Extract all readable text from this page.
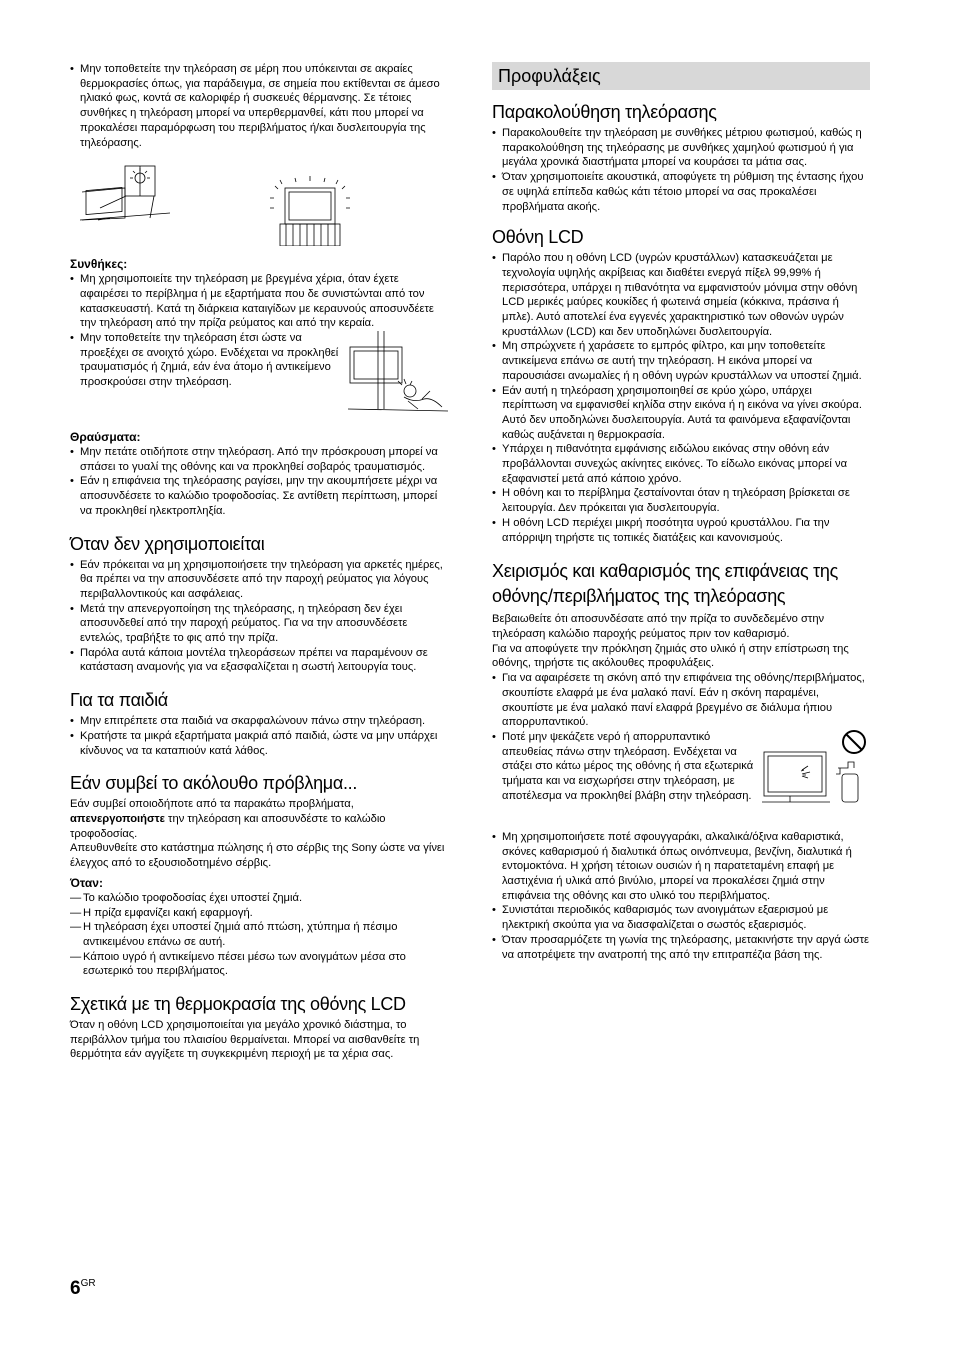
• Μην τοποθετείτε την τηλεόραση σε μέρη που υπόκεινται σε ακραίες θερμοκρασίες όπως, για παράδειγμα, σε σημεία που εκτίθενται σε άμεσο ηλιακό φως, κοντά σε καλοριφέρ ή συσκευές θέρμανσης. Σε τέτοιες συνθήκες η τηλεόραση μπορεί να υπερθερμανθεί, κάτι που μπορεί να προκαλέσει παραμόρφωση του περιβλήματος ή/και δυσλειτουργία της τηλεόρασης.
Συνθήκες:
• Μη χρησιμοποιείτε την τηλεόραση με βρεγμένα χέρια, όταν έχετε αφαιρέσει το περίβλημα ή με εξαρτήματα που δε συνιστώνται από τον κατασκευαστή. Κατά τη διάρκεια καταιγίδων με κεραυνούς αποσυνδέετε την τηλεόραση από την πρίζα ρεύματος και από την κεραία.
• Μην τοποθετείτε την τηλεόραση έτσι ώστε να προεξέχει σε ανοιχτό χώρο. Ενδέχεται να προκληθεί τραυματισμός ή ζημιά, εάν ένα άτομο ή αντικείμενο προσκρούσει στην τηλεόραση.
Θραύσματα:
• Μην πετάτε οτιδήποτε στην τηλεόραση. Από την πρόσκρουση μπορεί να σπάσει το γυαλί της οθόνης και να προκληθεί σοβαρός τραυματισμός.
• Εάν η επιφάνεια της τηλεόρασης ραγίσει, μην την ακουμπήσετε μέχρι να αποσυνδέσετε το καλώδιο τροφοδοσίας. Σε αντίθετη περίπτωση, μπορεί να προκληθεί ηλεκτροπληξία.
Όταν δεν χρησιμοποιείται
• Εάν πρόκειται να μη χρησιμοποιήσετε την τηλεόραση για αρκετές ημέρες, θα πρέπει να την αποσυνδέσετε από την παροχή ρεύματος για λόγους περιβαλλοντικούς και ασφάλειας.
• Μετά την απενεργοποίηση της τηλεόρασης, η τηλεόραση δεν έχει αποσυνδεθεί από την παροχή ρεύματος. Για να την αποσυνδέσετε εντελώς, τραβήξτε το φις από την πρίζα.
• Παρόλα αυτά κάποια μοντέλα τηλεοράσεων πρέπει να παραμένουν σε κατάσταση αναμονής για να εξασφαλίζεται η σωστή λειτουργία τους.
Για τα παιδιά
• Μην επιτρέπετε στα παιδιά να σκαρφαλώνουν πάνω στην τηλεόραση.
• Κρατήστε τα μικρά εξαρτήματα μακριά από παιδιά, ώστε να μην υπάρχει κίνδυνος να τα καταπιούν κατά λάθος.
Εάν συμβεί το ακόλουθο πρόβλημα...
Εάν συμβεί οποιοδήποτε από τα παρακάτω προβλήματα, απενεργοποιήστε την τηλεόραση και αποσυνδέστε το καλώδιο τροφοδοσίας.
Απευθυνθείτε στο κατάστημα πώλησης ή στο σέρβις της Sony ώστε να γίνει έλεγχος από το εξουσιοδοτημένο σέρβις.
Όταν:
— Το καλώδιο τροφοδοσίας έχει υποστεί ζημιά.
— Η πρίζα εμφανίζει κακή εφαρμογή.
— Η τηλεόραση έχει υποστεί ζημιά από πτώση, χτύπημα ή πέσιμο αντικειμένου επάνω σε αυτή.
— Κάποιο υγρό ή αντικείμενο πέσει μέσω των ανοιγμάτων μέσα στο εσωτερικό του περιβλήματος.
Σχετικά με τη θερμοκρασία της οθόνης LCD
Όταν η οθόνη LCD χρησιμοποιείται για μεγάλο χρονικό διάστημα, το περιβάλλον τμήμα του πλαισίου θερμαίνεται. Μπορεί να αισθανθείτε τη θερμότητα εάν αγγίξετε τη συγκεκριμένη περιοχή με τα χέρια σας.
Προφυλάξεις
Παρακολούθηση τηλεόρασης
• Παρακολουθείτε την τηλεόραση με συνθήκες μέτριου φωτισμού, καθώς η παρακολούθηση της τηλεόρασης με συνθήκες χαμηλού φωτισμού ή για μεγάλα χρονικά διαστήματα μπορεί να κουράσει τα μάτια σας.
• Όταν χρησιμοποιείτε ακουστικά, αποφύγετε τη ρύθμιση της έντασης ήχου σε υψηλά επίπεδα καθώς κάτι τέτοιο μπορεί να σας προκαλέσει προβλήματα ακοής.
Οθόνη LCD
• Παρόλο που η οθόνη LCD (υγρών κρυστάλλων) κατασκευάζεται με τεχνολογία υψηλής ακρίβειας και διαθέτει ενεργά πίξελ 99,99% ή περισσότερα, υπάρχει η πιθανότητα να εμφανιστούν μόνιμα στην οθόνη LCD μερικές μαύρες κουκίδες ή φωτεινά σημεία (κόκκινα, πράσινα ή μπλε). Αυτό αποτελεί ένα εγγενές χαρακτηριστικό των οθονών υγρών κρυστάλλων (LCD) και δεν υποδηλώνει δυσλειτουργία.
• Μη σπρώχνετε ή χαράσετε το εμπρός φίλτρο, και μην τοποθετείτε αντικείμενα επάνω σε αυτή την τηλεόραση. Η εικόνα μπορεί να παρουσιάσει ανωμαλίες ή η οθόνη υγρών κρυστάλλων να υποστεί ζημιά.
• Εάν αυτή η τηλεόραση χρησιμοποιηθεί σε κρύο χώρο, υπάρχει περίπτωση να εμφανισθεί κηλίδα στην εικόνα ή η εικόνα να γίνει σκούρα. Αυτό δεν υποδηλώνει δυσλειτουργία. Αυτά τα φαινόμενα εξαφανίζονται καθώς αυξάνεται η θερμοκρασία.
• Υπάρχει η πιθανότητα εμφάνισης ειδώλου εικόνας στην οθόνη εάν προβάλλονται συνεχώς ακίνητες εικόνες. Το είδωλο εικόνας μπορεί να εξαφανιστεί μετά από κάποιο χρόνο.
• Η οθόνη και το περίβλημα ζεσταίνονται όταν η τηλεόραση βρίσκεται σε λειτουργία. Δεν πρόκειται για δυσλειτουργία.
• Η οθόνη LCD περιέχει μικρή ποσότητα υγρού κρυστάλλου. Για την απόρριψη τηρήστε τις τοπικές διατάξεις και κανονισμούς.
Χειρισμός και καθαρισμός της επιφάνειας της οθόνης/περιβλήματος της τηλεόρασης
Βεβαιωθείτε ότι αποσυνδέσατε από την πρίζα το συνδεδεμένο στην τηλεόραση καλώδιο παροχής ρεύματος πριν τον καθαρισμό.
Για να αποφύγετε την πρόκληση ζημιάς στο υλικό ή στην επίστρωση της οθόνης, τηρήστε τις ακόλουθες προφυλάξεις.
• Για να αφαιρέσετε τη σκόνη από την επιφάνεια της οθόνης/περιβλήματος, σκουπίστε ελαφρά με ένα μαλακό πανί. Εάν η σκόνη παραμένει, σκουπίστε με ένα μαλακό πανί ελαφρά βρεγμένο σε διάλυμα ήπιου απορρυπαντικού.
• Ποτέ μην ψεκάζετε νερό ή απορρυπαντικό απευθείας πάνω στην τηλεόραση. Ενδέχεται να στάξει στο κάτω μέρος της οθόνης ή στα εξωτερικά τμήματα και να εισχωρήσει στην τηλεόραση, με αποτέλεσμα να προκληθεί βλάβη στην τηλεόραση.
• Μη χρησιμοποιήσετε ποτέ σφουγγαράκι, αλκαλικά/όξινα καθαριστικά, σκόνες καθαρισμού ή διαλυτικά όπως οινόπνευμα, βενζίνη, διαλυτικά ή εντομοκτόνα. Η χρήση τέτοιων ουσιών ή η παρατεταμένη επαφή με λαστιχένια ή υλικά από βινύλιο, μπορεί να προκαλέσει ζημιά στην επιφάνεια της οθόνης και στο υλικό του περιβλήματος.
• Συνιστάται περιοδικός καθαρισμός των ανοιγμάτων εξαερισμού με ηλεκτρική σκούπα για να διασφαλίζεται ο σωστός εξαερισμός.
• Όταν προσαρμόζετε τη γωνία της τηλεόρασης, μετακινήστε την αργά ώστε να αποτρέψετε την ανατροπή της από την επιτραπέζια βάση της.
$6^{GR}$
